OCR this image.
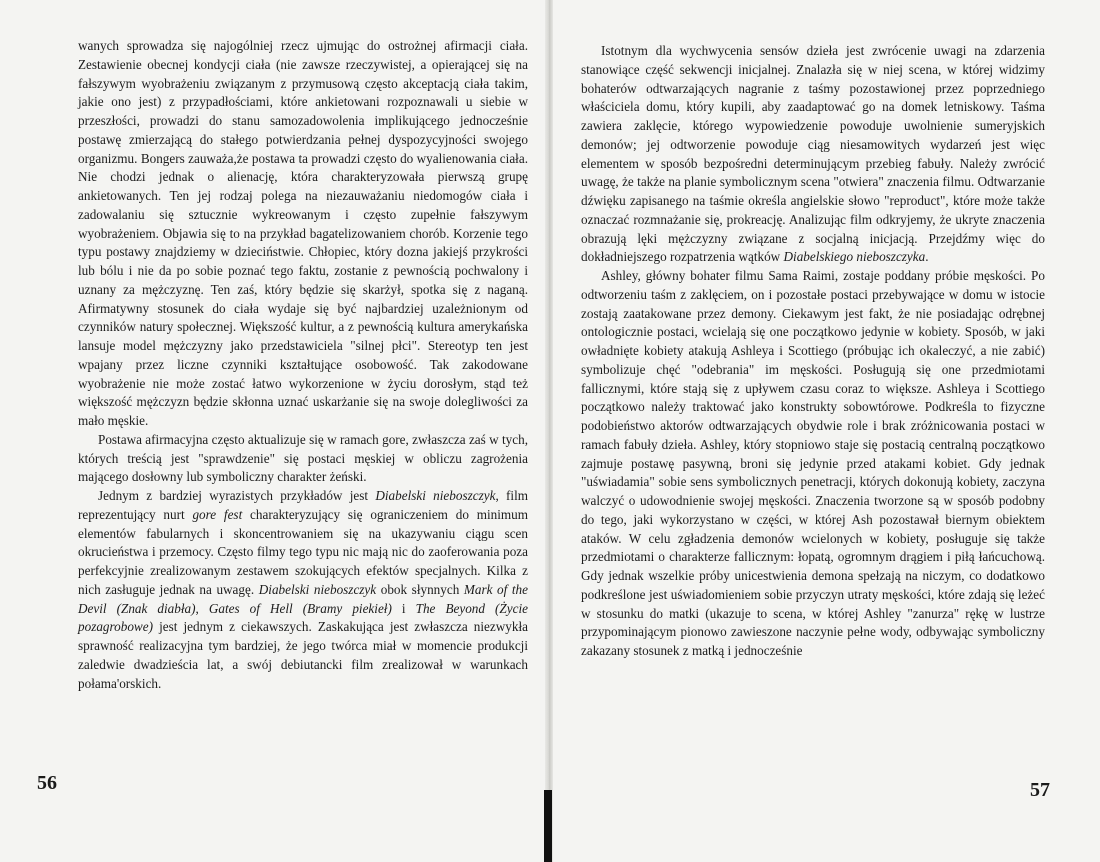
wanych sprowadza się najogólniej rzecz ujmując do ostrożnej afirmacji ciała. Zestawienie obecnej kondycji ciała (nie zawsze rzeczywistej, a opierającej się na fałszywym wyobrażeniu związanym z przymusową często akceptacją ciała takim, jakie ono jest) z przypadłościami, które ankietowani rozpoznawali u siebie w przeszłości, prowadzi do stanu samozadowolenia implikującego jednocześnie postawę zmierzającą do stałego potwierdzania pełnej dyspozycyjności swojego organizmu. Bongers zauważa,że postawa ta prowadzi często do wyalienowania ciała. Nie chodzi jednak o alienację, która charakteryzowała pierwszą grupę ankietowanych. Ten jej rodzaj polega na niezauważaniu niedomogów ciała i zadowalaniu się sztucznie wykreowanym i często zupełnie fałszywym wyobrażeniem. Objawia się to na przykład bagatelizowaniem chorób. Korzenie tego typu postawy znajdziemy w dzieciństwie. Chłopiec, który dozna jakiejś przykrości lub bólu i nie da po sobie poznać tego faktu, zostanie z pewnością pochwalony i uznany za mężczyznę. Ten zaś, który będzie się skarżył, spotka się z naganą. Afirmatywny stosunek do ciała wydaje się być najbardziej uzależnionym od czynników natury społecznej. Większość kultur, a z pewnością kultura amerykańska lansuje model mężczyzny jako przedstawiciela "silnej płci". Stereotyp ten jest wpajany przez liczne czynniki kształtujące osobowość. Tak zakodowane wyobrażenie nie może zostać łatwo wykorzenione w życiu dorosłym, stąd też większość mężczyzn będzie skłonna uznać uskarżanie się na swoje dolegliwości za mało męskie.

Postawa afirmacyjna często aktualizuje się w ramach gore, zwłaszcza zaś w tych, których treścią jest "sprawdzenie" się postaci męskiej w obliczu zagrożenia mającego dosłowny lub symboliczny charakter żeński.

Jednym z bardziej wyrazistych przykładów jest Diabelski nieboszczyk, film reprezentujący nurt gore fest charakteryzujący się ograniczeniem do minimum elementów fabularnych i skoncentrowaniem się na ukazywaniu ciągu scen okrucieństwa i przemocy. Często filmy tego typu nic mają nic do zaoferowania poza perfekcyjnie zrealizowanym zestawem szokujących efektów specjalnych. Kilka z nich zasługuje jednak na uwagę. Diabelski nieboszczyk obok słynnych Mark of the Devil (Znak diabła), Gates of Hell (Bramy piekieł) i The Beyond (Życie pozagrobowe) jest jednym z ciekawszych. Zaskakująca jest zwłaszcza niezwykła sprawność realizacyjna tym bardziej, że jego twórca miał w momencie produkcji zaledwie dwadzieścia lat, a swój debiutancki film zrealizował w warunkach połama'orskich.

56

Istotnym dla wychwycenia sensów dzieła jest zwrócenie uwagi na zdarzenia stanowiące część sekwencji inicjalnej. Znalazła się w niej scena, w której widzimy bohaterów odtwarzających nagranie z taśmy pozostawionej przez poprzedniego właściciela domu, który kupili, aby zaadaptować go na domek letniskowy. Taśma zawiera zaklęcie, którego wypowiedzenie powoduje uwolnienie sumeryjskich demonów; jej odtworzenie powoduje ciąg niesamowitych wydarzeń jest więc elementem w sposób bezpośredni determinującym przebieg fabuły. Należy zwrócić uwagę, że także na planie symbolicznym scena "otwiera" znaczenia filmu. Odtwarzanie dźwięku zapisanego na taśmie określa angielskie słowo "reproduct", które może także oznaczać rozmnażanie się, prokreację. Analizując film odkryjemy, że ukryte znaczenia obrazują lęki mężczyzny związane z socjalną inicjacją. Przejdźmy więc do dokładniejszego rozpatrzenia wątków Diabelskiego nieboszczyka.

Ashley, główny bohater filmu Sama Raimi, zostaje poddany próbie męskości. Po odtworzeniu taśm z zaklęciem, on i pozostałe postaci przebywające w domu w istocie zostają zaatakowane przez demony. Ciekawym jest fakt, że nie posiadając odrębnej ontologicznie postaci, wcielają się one początkowo jedynie w kobiety. Sposób, w jaki owładnięte kobiety atakują Ashleya i Scottiego (próbując ich okaleczyć, a nie zabić) symbolizuje chęć "odebrania" im męskości. Posługują się one przedmiotami fallicznymi, które stają się z upływem czasu coraz to większe. Ashleya i Scottiego początkowo należy traktować jako konstrukty sobowtórowe. Podkreśla to fizyczne podobieństwo aktorów odtwarzających obydwie role i brak zróżnicowania postaci w ramach fabuły dzieła. Ashley, który stopniowo staje się postacią centralną początkowo zajmuje postawę pasywną, broni się jedynie przed atakami kobiet. Gdy jednak "uświadamia" sobie sens symbolicznych penetracji, których dokonują kobiety, zaczyna walczyć o udowodnienie swojej męskości. Znaczenia tworzone są w sposób podobny do tego, jaki wykorzystano w części, w której Ash pozostawał biernym obiektem ataków. W celu zgładzenia demonów wcielonych w kobiety, posługuje się także przedmiotami o charakterze fallicznym: łopatą, ogromnym drągiem i piłą łańcuchową. Gdy jednak wszelkie próby unicestwienia demona spełzają na niczym, co dodatkowo podkreślone jest uświadomieniem sobie przyczyn utraty męskości, które zdają się leżeć w stosunku do matki (ukazuje to scena, w której Ashley "zanurza" rękę w lustrze przypominającym pionowo zawieszone naczynie pełne wody, odbywając symboliczny zakazany stosunek z matką i jednocześnie

57
